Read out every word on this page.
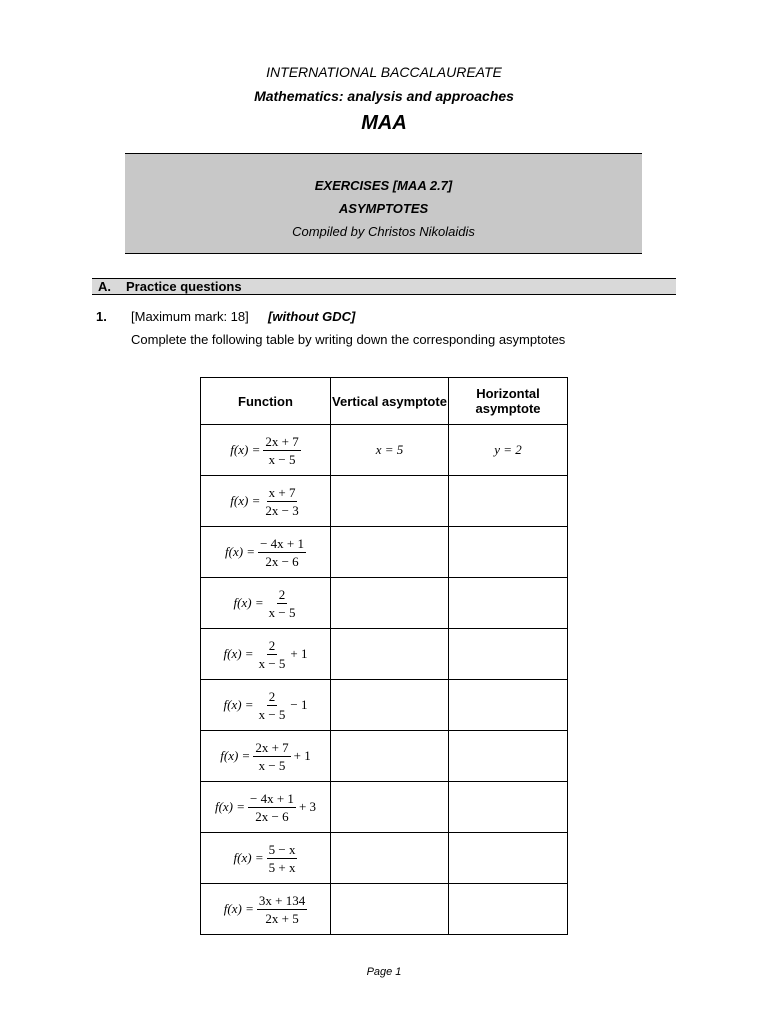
INTERNATIONAL BACCALAUREATE
Mathematics: analysis and approaches
MAA
EXERCISES [MAA 2.7]
ASYMPTOTES
Compiled by Christos Nikolaidis
A. Practice questions
1. [Maximum mark: 18] [without GDC]
Complete the following table by writing down the corresponding asymptotes
Function	Vertical asymptote	Horizontal asymptote

$f(x) = \frac{2x + 7}{x - 5}$	x = 5	y = 2

$f(x) = \frac{x + 7}{2x - 3}$

$f(x) = \frac{- 4x + 1}{2x - 6}$

$f(x) = \frac{2}{x - 5}$

$f(x) = \frac{2}{x - 5} + 1$		

$f(x) = \frac{2}{x - 5} - 1$		

$f(x) = \frac{2x + 7}{x - 5} + 1$		

$f(x) = \frac{- 4x + 1}{2x - 6} + 3$		

$f(x) = \frac{5 - x}{5 + x}$

$f(x) = \frac{3x + 134}{2x + 5}$

Page 1
